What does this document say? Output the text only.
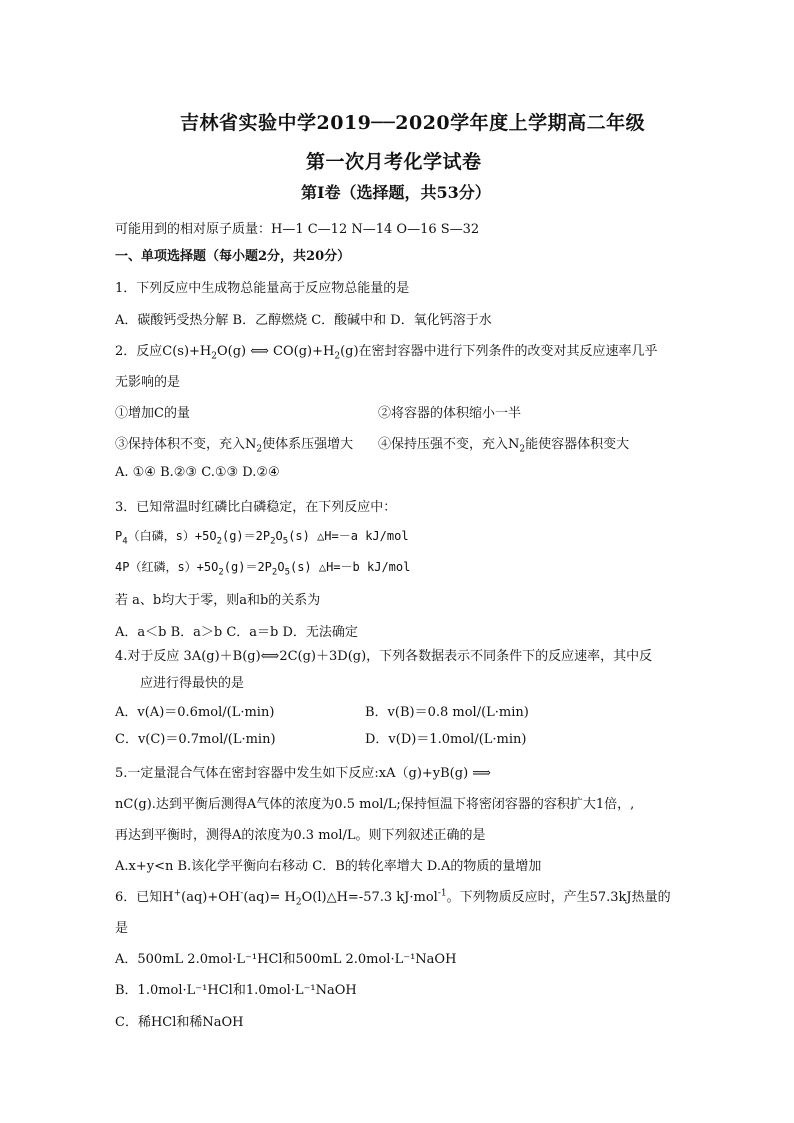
吉林省实验中学2019──2020学年度上学期高二年级
第一次月考化学试卷
第Ⅰ卷（选择题，共53分）
可能用到的相对原子质量：H—1 C—12 N—14 O—16 S—32
一、单项选择题（每小题2分，共20分）
1．下列反应中生成物总能量高于反应物总能量的是
A．碳酸钙受热分解 B．乙醇燃烧 C．酸碱中和 D．氧化钙溶于水
2．反应$C(s)+H_2O(g)$ ⟺ $CO(g)+H_2(g)$在密封容器中进行下列条件的改变对其反应速率几乎
无影响的是
①增加C的量	②将容器的体积缩小一半
③保持体积不变，充入$N_2$使体系压强增大 ④保持压强不变，充入$N_2$能使容器体积变大
A. ①④ B.②③ C.①③ D.②④
3．已知常温时红磷比白磷稳定，在下列反应中：
$P_4$（白磷，$s)+5O_2(g)=2P_2O_5(s)$ △H=－a kJ/mol
4P（红磷，$s)+5O_2(g)=2P_2O_5(s)$ △H=－b kJ/mol
若 a、b均大于零，则a和b的关系为
A．a＜b B．a＞b C．a＝b D．无法确定
4.对于反应 3A(g)＋B(g)⟺2C(g)＋3D(g)，下列各数据表示不同条件下的反应速率，其中反
应进行得最快的是
A．v(A)＝0.6mol/(L·min)	B．v(B)＝0.8 mol/(L·min)
C．v(C)＝0.7mol/(L·min)	D．v(D)＝1.0mol/(L·min)
5.一定量混合气体在密封容器中发生如下反应:xA（g)+yB(g) ⟹
nC(g).达到平衡后测得A气体的浓度为0.5 mol/L;保持恒温下将密闭容器的容积扩大1倍，,
再达到平衡时，测得A的浓度为0.3 mol/L。则下列叙述正确的是
A.x+y<n B.该化学平衡向右移动 C．B的转化率增大 D.A的物质的量增加
6．已知$H^+(aq)+OH^-(aq)= H_2O(l)\triangle H=-57.3$ kJ·mol$^{-1}$。下列物质反应时，产生57.3kJ热量的
是
A．500mL 2.0mol·L⁻¹HCl和500mL 2.0mol·L⁻¹NaOH
B．1.0mol·L⁻¹HCl和1.0mol·L⁻¹NaOH
C．稀HCl和稀NaOH
